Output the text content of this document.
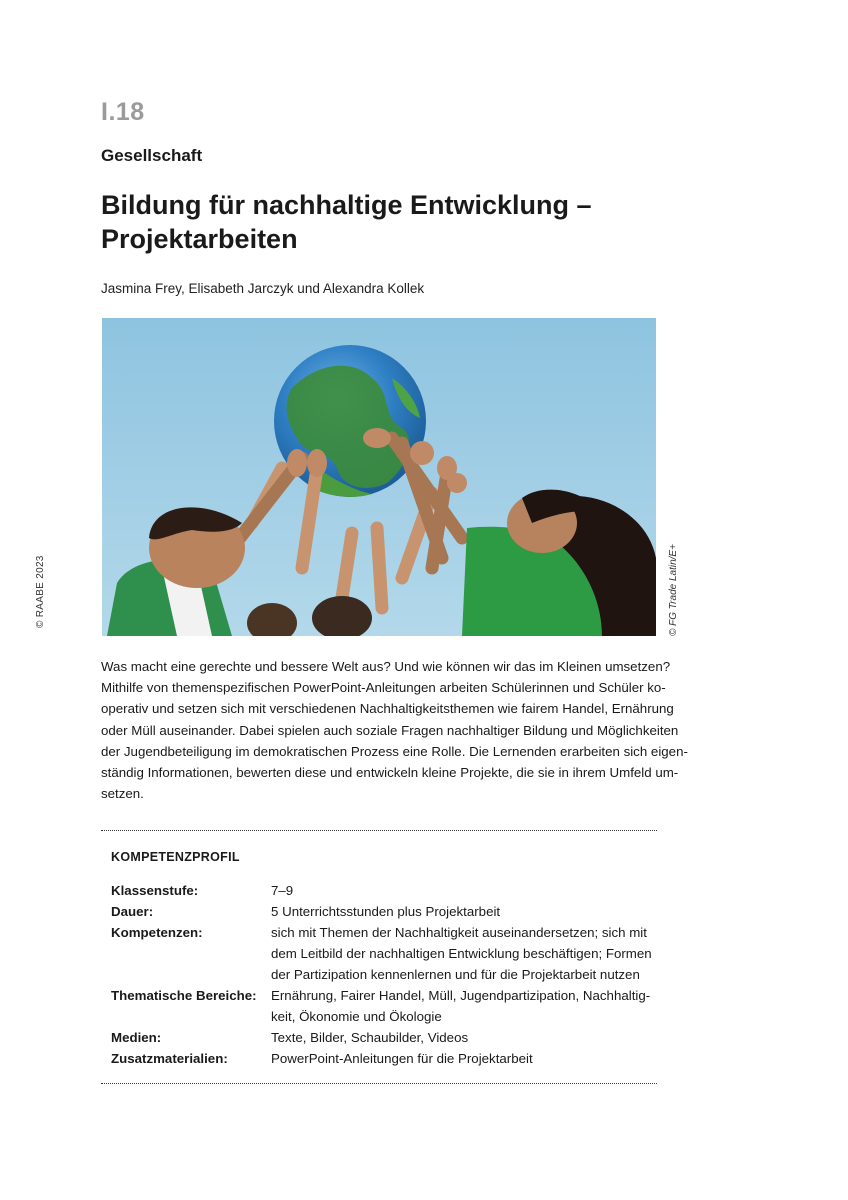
I.18
Gesellschaft
Bildung für nachhaltige Entwicklung –
Projektarbeiten
Jasmina Frey, Elisabeth Jarczyk und Alexandra Kollek
© FG Trade Latin/E+
© RAABE 2023
Was macht eine gerechte und bessere Welt aus? Und wie können wir das im Kleinen umsetzen?
Mithilfe von themenspezifischen PowerPoint-Anleitungen arbeiten Schülerinnen und Schüler ko-
operativ und setzen sich mit verschiedenen Nachhaltigkeitsthemen wie fairem Handel, Ernährung
oder Müll auseinander. Dabei spielen auch soziale Fragen nachhaltiger Bildung und Möglichkeiten
der Jugendbeteiligung im demokratischen Prozess eine Rolle. Die Lernenden erarbeiten sich eigen-
ständig Informationen, bewerten diese und entwickeln kleine Projekte, die sie in ihrem Umfeld um-
setzen.
KOMPETENZPROFIL
Klassenstufe:	7–9
Dauer:	5 Unterrichtsstunden plus Projektarbeit
Kompetenzen:	sich mit Themen der Nachhaltigkeit auseinandersetzen; sich mit
dem Leitbild der nachhaltigen Entwicklung beschäftigen; Formen
der Partizipation kennenlernen und für die Projektarbeit nutzen
Thematische Bereiche:	Ernährung, Fairer Handel, Müll, Jugendpartizipation, Nachhaltig-
keit, Ökonomie und Ökologie
Medien:	Texte, Bilder, Schaubilder, Videos
Zusatzmaterialien:	PowerPoint-Anleitungen für die Projektarbeit
